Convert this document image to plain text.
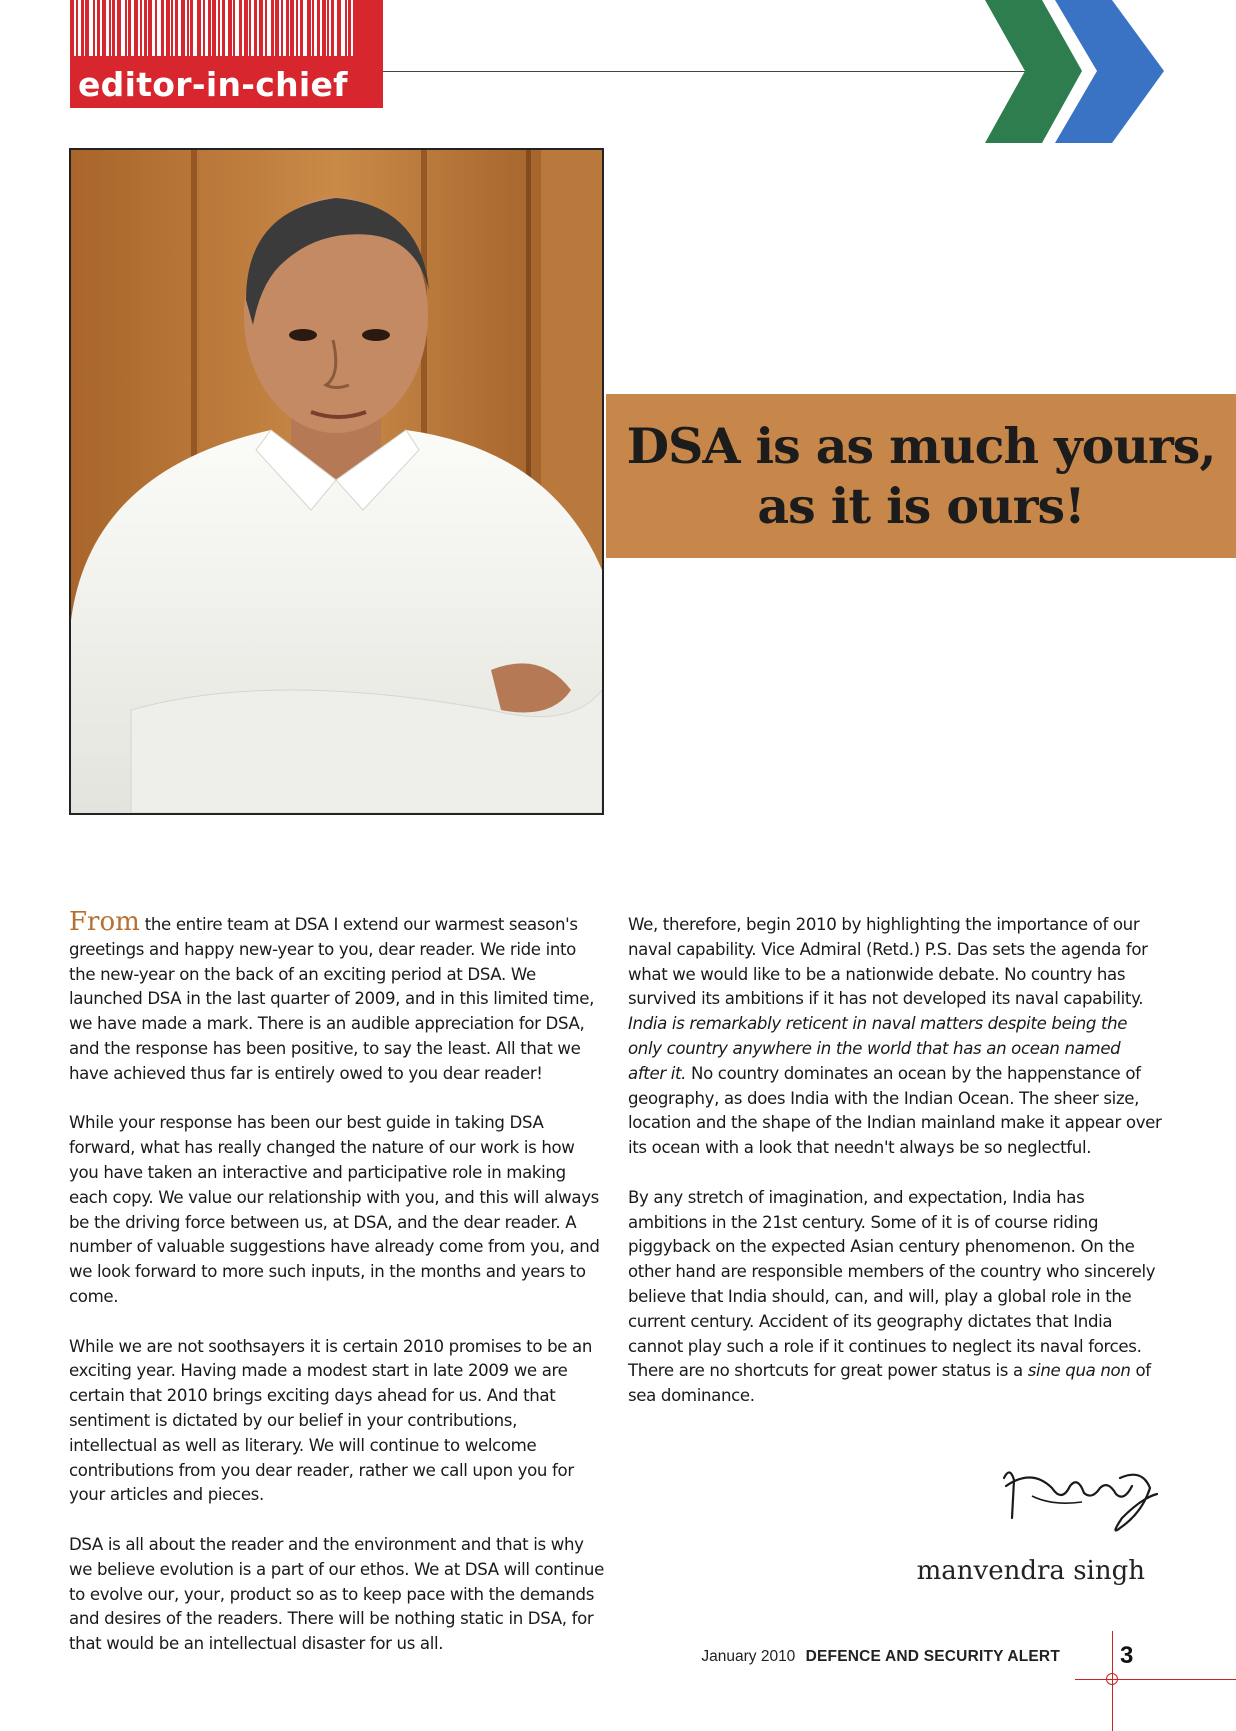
editor-in-chief
DSA is as much yours,
as it is ours!

From the entire team at DSA I extend our warmest season's greetings and happy new-year to you, dear reader. We ride into the new-year on the back of an exciting period at DSA. We launched DSA in the last quarter of 2009, and in this limited time, we have made a mark. There is an audible appreciation for DSA, and the response has been positive, to say the least. All that we have achieved thus far is entirely owed to you dear reader!

While your response has been our best guide in taking DSA forward, what has really changed the nature of our work is how you have taken an interactive and participative role in making each copy. We value our relationship with you, and this will always be the driving force between us, at DSA, and the dear reader. A number of valuable suggestions have already come from you, and we look forward to more such inputs, in the months and years to come.

While we are not soothsayers it is certain 2010 promises to be an exciting year. Having made a modest start in late 2009 we are certain that 2010 brings exciting days ahead for us. And that sentiment is dictated by our belief in your contributions, intellectual as well as literary. We will continue to welcome contributions from you dear reader, rather we call upon you for your articles and pieces.

DSA is all about the reader and the environment and that is why we believe evolution is a part of our ethos. We at DSA will continue to evolve our, your, product so as to keep pace with the demands and desires of the readers. There will be nothing static in DSA, for that would be an intellectual disaster for us all.

We, therefore, begin 2010 by highlighting the importance of our naval capability. Vice Admiral (Retd.) P.S. Das sets the agenda for what we would like to be a nationwide debate. No country has survived its ambitions if it has not developed its naval capability. India is remarkably reticent in naval matters despite being the only country anywhere in the world that has an ocean named after it. No country dominates an ocean by the happenstance of geography, as does India with the Indian Ocean. The sheer size, location and the shape of the Indian mainland make it appear over its ocean with a look that needn't always be so neglectful.

By any stretch of imagination, and expectation, India has ambitions in the 21st century. Some of it is of course riding piggyback on the expected Asian century phenomenon. On the other hand are responsible members of the country who sincerely believe that India should, can, and will, play a global role in the current century. Accident of its geography dictates that India cannot play such a role if it continues to neglect its naval forces. There are no shortcuts for great power status is a sine qua non of sea dominance.

manvendra singh
January 2010 DEFENCE AND SECURITY ALERT	3
